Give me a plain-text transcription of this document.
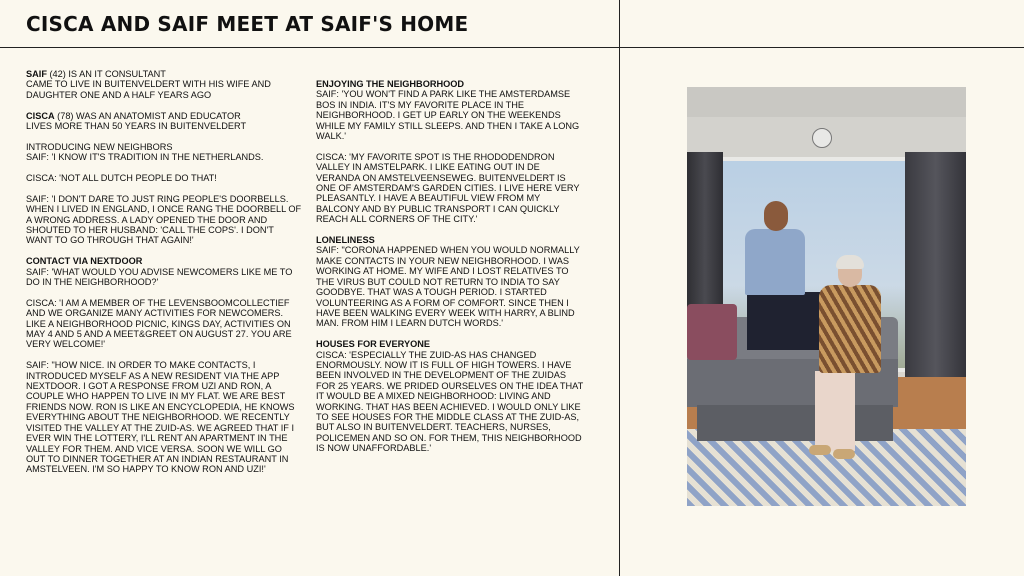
CISCA AND SAIF MEET AT SAIF'S HOME

SAIF (42) IS AN IT CONSULTANT
CAME TO LIVE IN BUITENVELDERT WITH HIS WIFE AND DAUGHTER ONE AND A HALF YEARS AGO

CISCA (78) WAS AN ANATOMIST AND EDUCATOR
LIVES MORE THAN 50 YEARS IN BUITENVELDERT

INTRODUCING NEW NEIGHBORS
SAIF: 'I KNOW IT'S TRADITION IN THE NETHERLANDS.

CISCA: 'NOT ALL DUTCH PEOPLE DO THAT!

SAIF: 'I DON'T DARE TO JUST RING PEOPLE'S DOORBELLS. WHEN I LIVED IN ENGLAND, I ONCE RANG THE DOORBELL OF A WRONG ADDRESS. A LADY OPENED THE DOOR AND SHOUTED TO HER HUSBAND: 'CALL THE COPS'. I DON'T WANT TO GO THROUGH THAT AGAIN!'

CONTACT VIA NEXTDOOR
SAIF: 'WHAT WOULD YOU ADVISE NEWCOMERS LIKE ME TO DO IN THE NEIGHBORHOOD?'

CISCA: 'I AM A MEMBER OF THE LEVENSBOOMCOLLECTIEF AND WE ORGANIZE MANY ACTIVITIES FOR NEWCOMERS. LIKE A NEIGHBORHOOD PICNIC, KINGS DAY, ACTIVITIES ON MAY 4 AND 5 AND A MEET&GREET ON AUGUST 27. YOU ARE VERY WELCOME!'

SAIF: "HOW NICE. IN ORDER TO MAKE CONTACTS, I INTRODUCED MYSELF AS A NEW RESIDENT VIA THE APP NEXTDOOR. I GOT A RESPONSE FROM UZI AND RON, A COUPLE WHO HAPPEN TO LIVE IN MY FLAT. WE ARE BEST FRIENDS NOW. RON IS LIKE AN ENCYCLOPEDIA, HE KNOWS EVERYTHING ABOUT THE NEIGHBORHOOD. WE RECENTLY VISITED THE VALLEY AT THE ZUID-AS. WE AGREED THAT IF I EVER WIN THE LOTTERY, I'LL RENT AN APARTMENT IN THE VALLEY FOR THEM. AND VICE VERSA. SOON WE WILL GO OUT TO DINNER TOGETHER AT AN INDIAN RESTAURANT IN AMSTELVEEN. I'M SO HAPPY TO KNOW RON AND UZI!'

ENJOYING THE NEIGHBORHOOD
SAIF: 'YOU WON'T FIND A PARK LIKE THE AMSTERDAMSE BOS IN INDIA. IT'S MY FAVORITE PLACE IN THE NEIGHBORHOOD. I GET UP EARLY ON THE WEEKENDS WHILE MY FAMILY STILL SLEEPS. AND THEN I TAKE A LONG WALK.'

CISCA: 'MY FAVORITE SPOT IS THE RHODODENDRON VALLEY IN AMSTELPARK. I LIKE EATING OUT IN DE VERANDA ON AMSTELVEENSEWEG. BUITENVELDERT IS ONE OF AMSTERDAM'S GARDEN CITIES. I LIVE HERE VERY PLEASANTLY. I HAVE A BEAUTIFUL VIEW FROM MY BALCONY AND BY PUBLIC TRANSPORT I CAN QUICKLY REACH ALL CORNERS OF THE CITY.'

LONELINESS
SAIF: "CORONA HAPPENED WHEN YOU WOULD NORMALLY MAKE CONTACTS IN YOUR NEW NEIGHBORHOOD. I WAS WORKING AT HOME. MY WIFE AND I LOST RELATIVES TO THE VIRUS BUT COULD NOT RETURN TO INDIA TO SAY GOODBYE. THAT WAS A TOUGH PERIOD. I STARTED VOLUNTEERING AS A FORM OF COMFORT. SINCE THEN I HAVE BEEN WALKING EVERY WEEK WITH HARRY, A BLIND MAN. FROM HIM I LEARN DUTCH WORDS.'

HOUSES FOR EVERYONE
CISCA: 'ESPECIALLY THE ZUID-AS HAS CHANGED ENORMOUSLY. NOW IT IS FULL OF HIGH TOWERS. I HAVE BEEN INVOLVED IN THE DEVELOPMENT OF THE ZUIDAS FOR 25 YEARS. WE PRIDED OURSELVES ON THE IDEA THAT IT WOULD BE A MIXED NEIGHBORHOOD: LIVING AND WORKING. THAT HAS BEEN ACHIEVED. I WOULD ONLY LIKE TO SEE HOUSES FOR THE MIDDLE CLASS AT THE ZUID-AS, BUT ALSO IN BUITENVELDERT. TEACHERS, NURSES, POLICEMEN AND SO ON. FOR THEM, THIS NEIGHBORHOOD IS NOW UNAFFORDABLE.'
